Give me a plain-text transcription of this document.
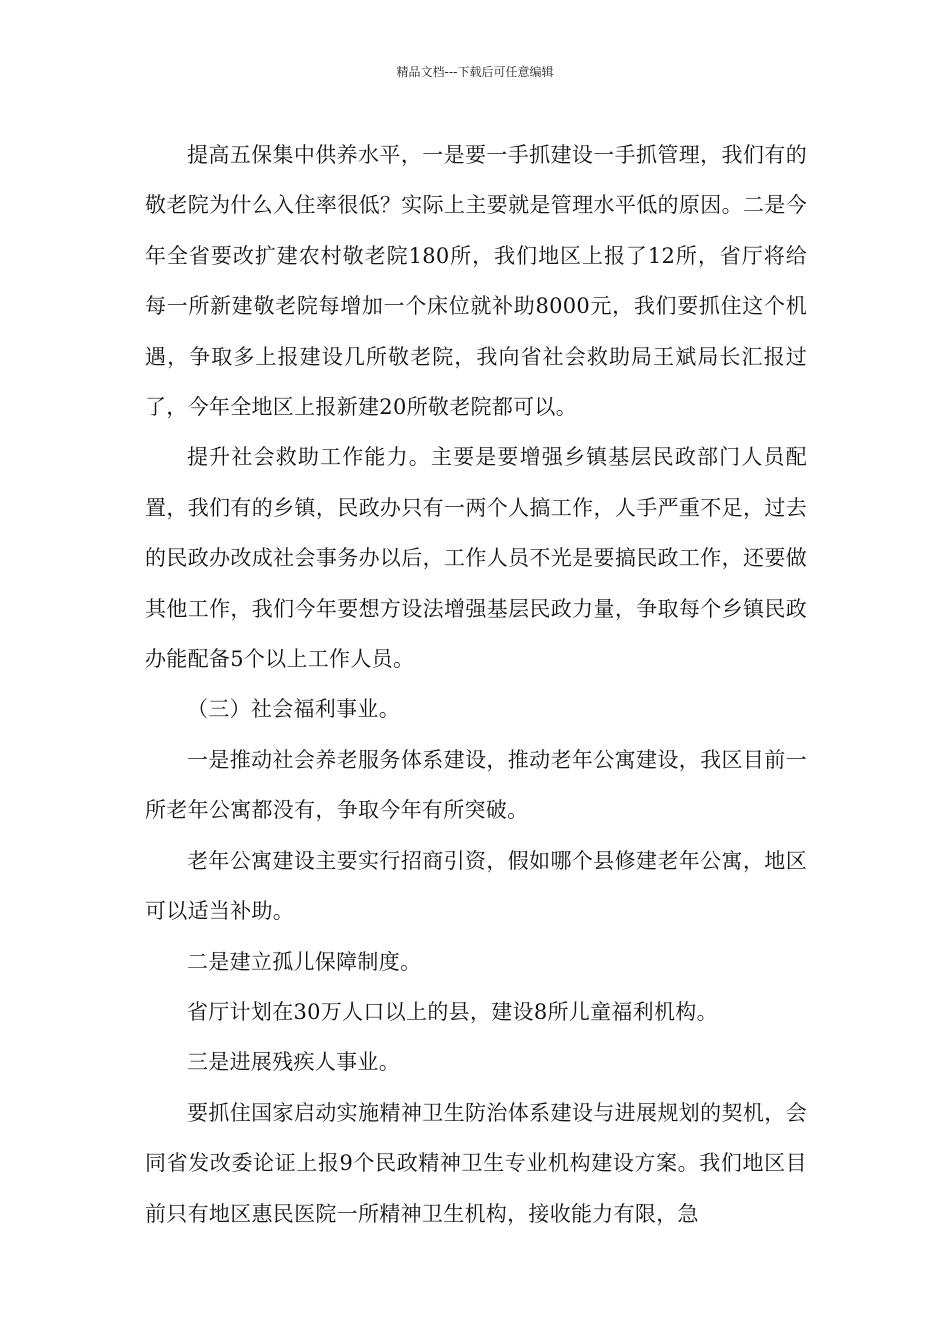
精品文档---下载后可任意编辑

提高五保集中供养水平，一是要一手抓建设一手抓管理，我们有的敬老院为什么入住率很低？实际上主要就是管理水平低的原因。二是今年全省要改扩建农村敬老院180所，我们地区上报了12所，省厅将给每一所新建敬老院每增加一个床位就补助8000元，我们要抓住这个机遇，争取多上报建设几所敬老院，我向省社会救助局王斌局长汇报过了，今年全地区上报新建20所敬老院都可以。

提升社会救助工作能力。主要是要增强乡镇基层民政部门人员配置，我们有的乡镇，民政办只有一两个人搞工作，人手严重不足，过去的民政办改成社会事务办以后，工作人员不光是要搞民政工作，还要做其他工作，我们今年要想方设法增强基层民政力量，争取每个乡镇民政办能配备5个以上工作人员。

（三）社会福利事业。

一是推动社会养老服务体系建设，推动老年公寓建设，我区目前一所老年公寓都没有，争取今年有所突破。

老年公寓建设主要实行招商引资，假如哪个县修建老年公寓，地区可以适当补助。

二是建立孤儿保障制度。

省厅计划在30万人口以上的县，建设8所儿童福利机构。

三是进展残疾人事业。

要抓住国家启动实施精神卫生防治体系建设与进展规划的契机，会同省发改委论证上报9个民政精神卫生专业机构建设方案。我们地区目前只有地区惠民医院一所精神卫生机构，接收能力有限，急
